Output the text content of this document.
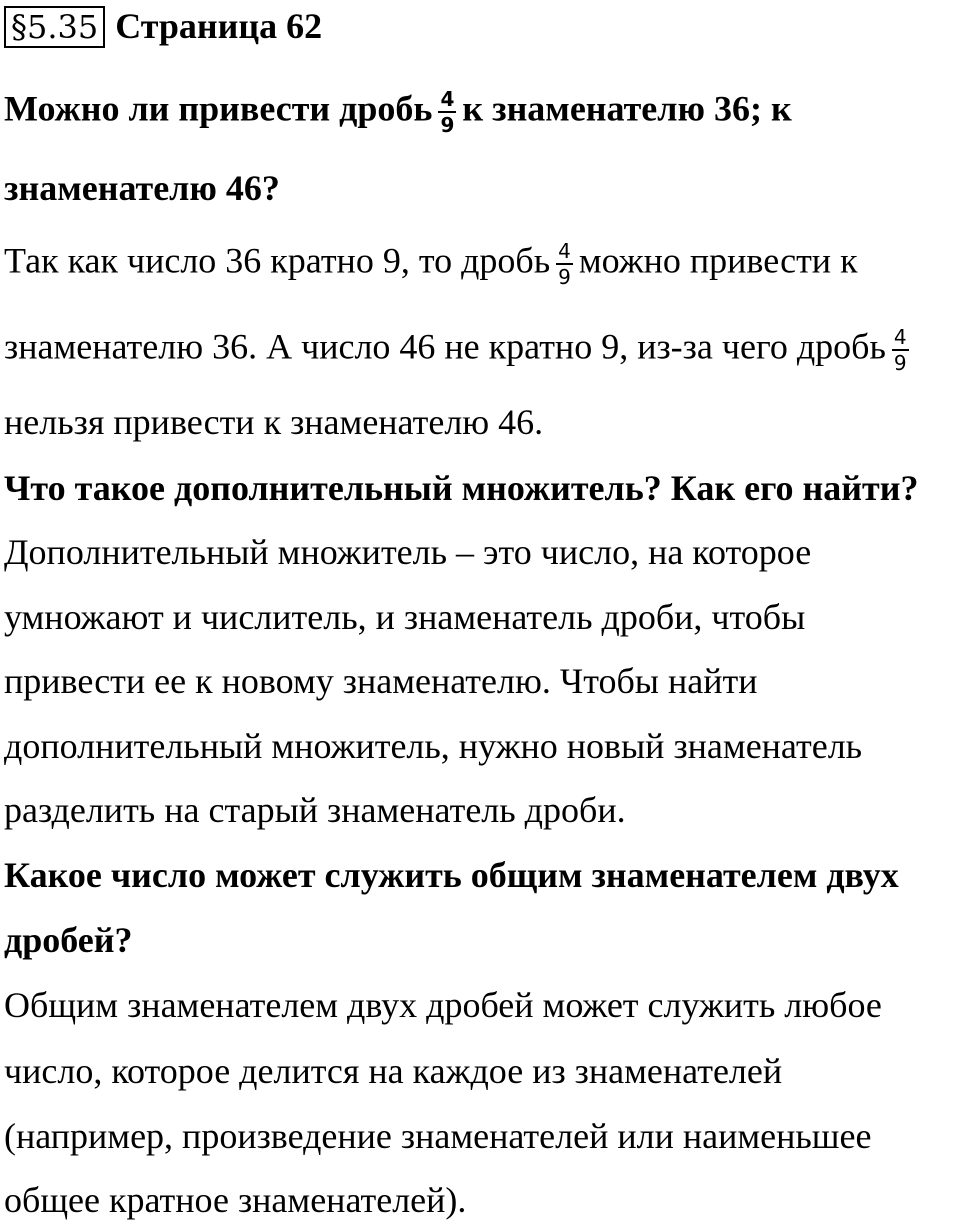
§5.35 Страница 62
Можно ли привести дробь $\frac{4}{9}$ к знаменателю 36; к
знаменателю 46?
Так как число 36 кратно 9, то дробь $\frac{4}{9}$ можно привести к
знаменателю 36. А число 46 не кратно 9, из-за чего дробь $\frac{4}{9}$
нельзя привести к знаменателю 46.
Что такое дополнительный множитель? Как его найти?
Дополнительный множитель – это число, на которое
умножают и числитель, и знаменатель дроби, чтобы
привести ее к новому знаменателю. Чтобы найти
дополнительный множитель, нужно новый знаменатель
разделить на старый знаменатель дроби.
Какое число может служить общим знаменателем двух
дробей?
Общим знаменателем двух дробей может служить любое
число, которое делится на каждое из знаменателей
(например, произведение знаменателей или наименьшее
общее кратное знаменателей).
